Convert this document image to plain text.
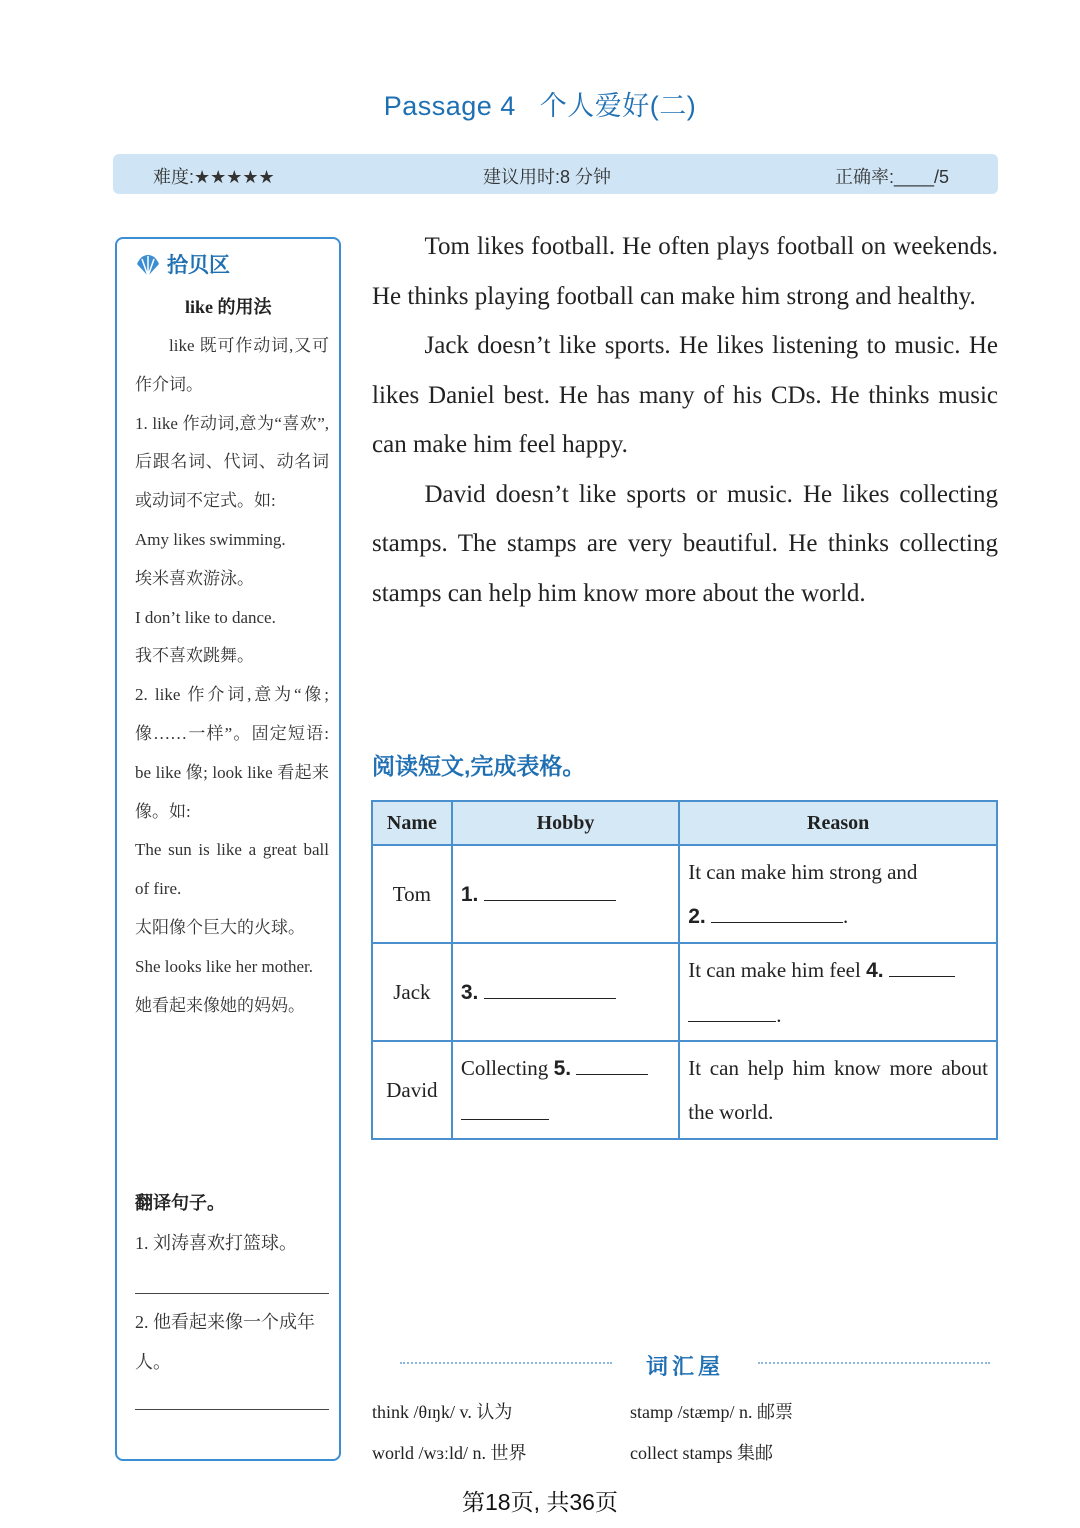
Passage 4 个人爱好(二)
难度:★★★★★	建议用时:8 分钟	正确率:____/5
拾贝区
like 的用法

like 既可作动词,又可作介词。

1. like 作动词,意为“喜欢”,后跟名词、代词、动名词或动词不定式。如:

Amy likes swimming.

埃米喜欢游泳。

I don’t like to dance.

我不喜欢跳舞。

2. like 作介词,意为“像;像……一样”。固定短语: be like 像; look like 看起来像。如:

The sun is like a great ball of fire.

太阳像个巨大的火球。

She looks like her mother.

她看起来像她的妈妈。

翻译句子。
1. 刘涛喜欢打篮球。
2. 他看起来像一个成年人。

Tom likes football. He often plays football on weekends. He thinks playing football can make him strong and healthy.

Jack doesn’t like sports. He likes listening to music. He likes Daniel best. He has many of his CDs. He thinks music can make him feel happy.

David doesn’t like sports or music. He likes collecting stamps. The stamps are very beautiful. He thinks collecting stamps can help him know more about the world.

阅读短文,完成表格。
Name	Hobby	Reason
Tom	1.	It can make him strong and
2. .
Jack	3.	It can make him feel 4.
.
David	Collecting 5.	It can help him know more about the world.
词汇屋
think /θɪŋk/ v. 认为	stamp /stæmp/ n. 邮票
world /wɜːld/ n. 世界	collect stamps 集邮
第18页, 共36页
